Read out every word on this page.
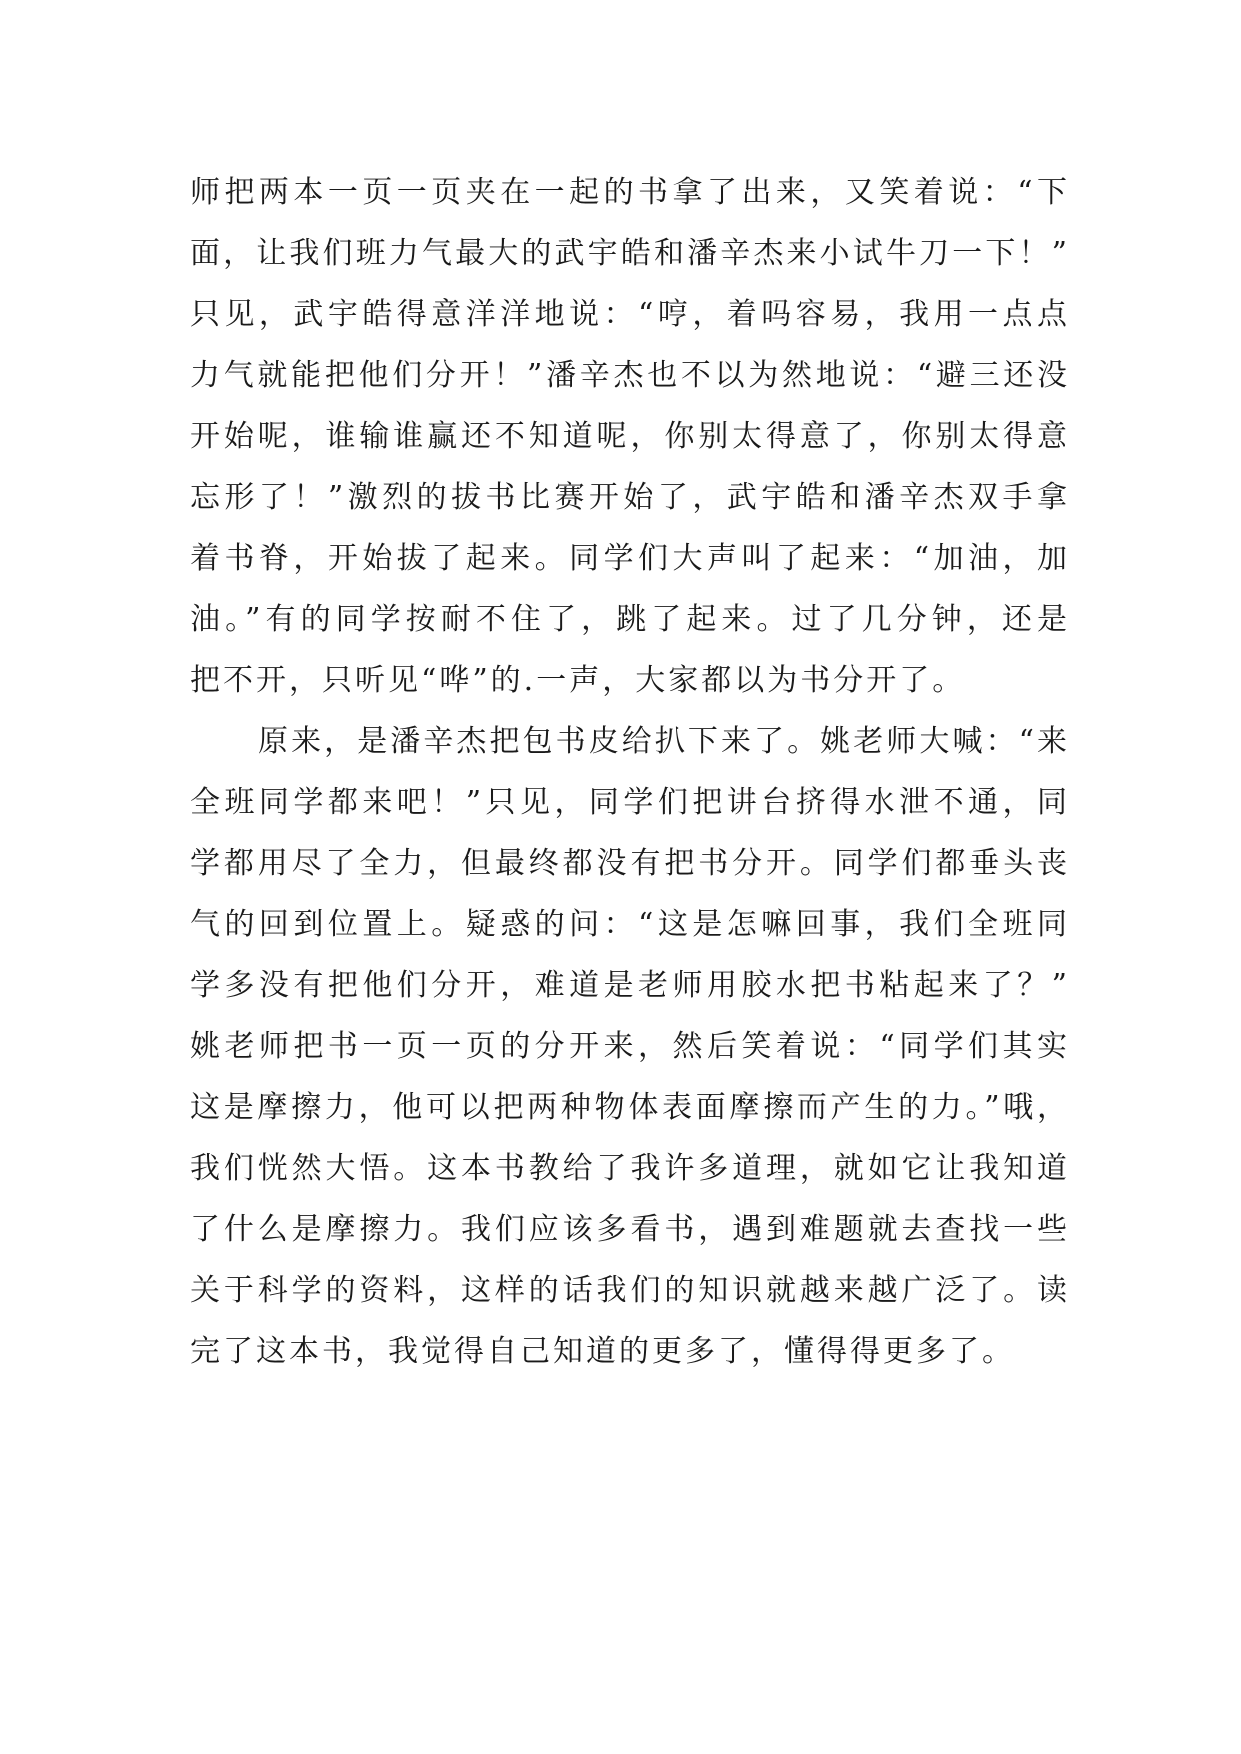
师把两本一页一页夹在一起的书拿了出来，又笑着说：“下
面，让我们班力气最大的武宇皓和潘辛杰来小试牛刀一下！”
只见，武宇皓得意洋洋地说：“哼，着吗容易，我用一点点
力气就能把他们分开！”潘辛杰也不以为然地说：“避三还没
开始呢，谁输谁赢还不知道呢，你别太得意了，你别太得意
忘形了！”激烈的拔书比赛开始了，武宇皓和潘辛杰双手拿
着书脊，开始拔了起来。同学们大声叫了起来：“加油，加
油。”有的同学按耐不住了，跳了起来。过了几分钟，还是
把不开，只听见“哗”的.一声，大家都以为书分开了。
原来，是潘辛杰把包书皮给扒下来了。姚老师大喊：“来
全班同学都来吧！”只见，同学们把讲台挤得水泄不通，同
学都用尽了全力，但最终都没有把书分开。同学们都垂头丧
气的回到位置上。疑惑的问：“这是怎嘛回事，我们全班同
学多没有把他们分开，难道是老师用胶水把书粘起来了？”
姚老师把书一页一页的分开来，然后笑着说：“同学们其实
这是摩擦力，他可以把两种物体表面摩擦而产生的力。”哦，
我们恍然大悟。这本书教给了我许多道理，就如它让我知道
了什么是摩擦力。我们应该多看书，遇到难题就去查找一些
关于科学的资料，这样的话我们的知识就越来越广泛了。读
完了这本书，我觉得自己知道的更多了，懂得得更多了。
